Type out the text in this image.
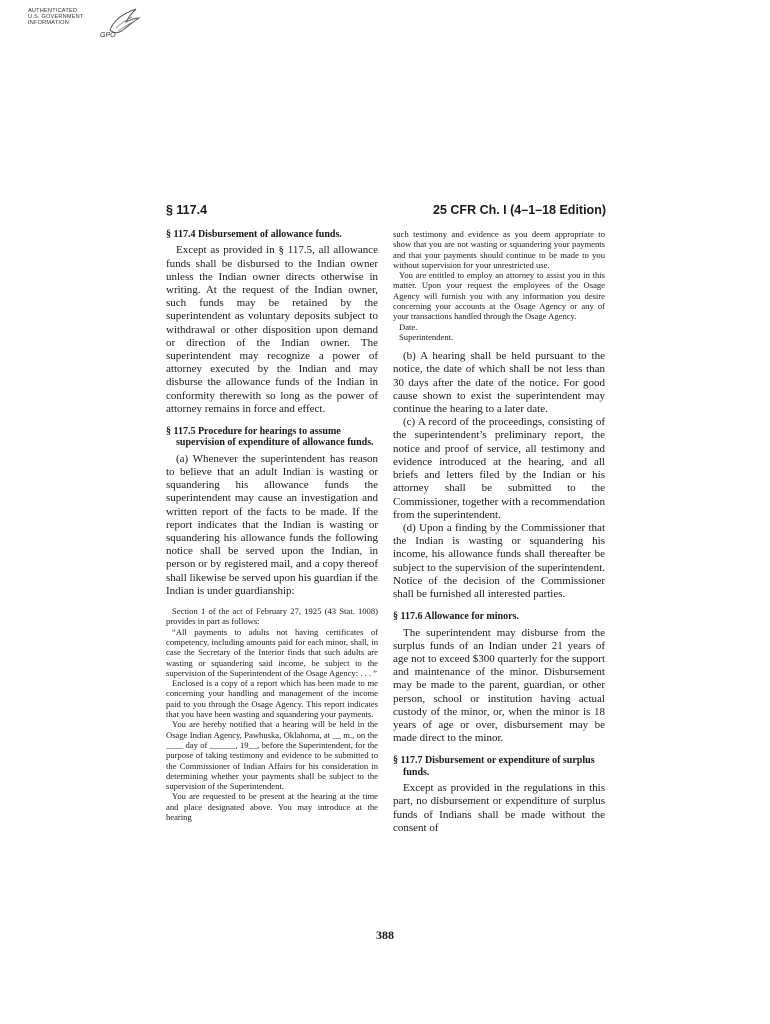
AUTHENTICATED
U.S. GOVERNMENT
INFORMATION
GPO
§ 117.4	25 CFR Ch. I (4–1–18 Edition)

§ 117.4 Disbursement of allowance funds.

Except as provided in § 117.5, all allowance funds shall be disbursed to the Indian owner unless the Indian owner directs otherwise in writing. At the request of the Indian owner, such funds may be retained by the superintendent as voluntary deposits subject to withdrawal or other disposition upon demand or direction of the Indian owner. The superintendent may recognize a power of attorney executed by the Indian and may disburse the allowance funds of the Indian in conformity therewith so long as the power of attorney remains in force and effect.

§ 117.5 Procedure for hearings to assume supervision of expenditure of allowance funds.

(a) Whenever the superintendent has reason to believe that an adult Indian is wasting or squandering his allowance funds the superintendent may cause an investigation and written report of the facts to be made. If the report indicates that the Indian is wasting or squandering his allowance funds the following notice shall be served upon the Indian, in person or by registered mail, and a copy thereof shall likewise be served upon his guardian if the Indian is under guardianship:

Section 1 of the act of February 27, 1925 (43 Stat. 1008) provides in part as follows:

“All payments to adults not having certificates of competency, including amounts paid for each minor, shall, in case the Secretary of the Interior finds that such adults are wasting or squandering said income, be subject to the supervision of the Superintendent of the Osage Agency: . . . ”

Enclosed is a copy of a report which has been made to me concerning your handling and management of the income paid to you through the Osage Agency. This report indicates that you have been wasting and squandering your payments.

You are hereby notified that a hearing will be held in the Osage Indian Agency, Pawhuska, Oklahoma, at __ m., on the ____ day of ______, 19__, before the Superintendent, for the purpose of taking testimony and evidence to be submitted to the Commissioner of Indian Affairs for his consideration in determining whether your payments shall be subject to the supervision of the Superintendent.

You are requested to be present at the hearing at the time and place designated above. You may introduce at the hearing

such testimony and evidence as you deem appropriate to show that you are not wasting or squandering your payments and that your payments should continue to be made to you without supervision for your unrestricted use.

You are entitled to employ an attorney to assist you in this matter. Upon your request the employees of the Osage Agency will furnish you with any information you desire concerning your accounts at the Osage Agency or any of your transactions handled through the Osage Agency.

Date.

Superintendent.

(b) A hearing shall be held pursuant to the notice, the date of which shall be not less than 30 days after the date of the notice. For good cause shown to exist the superintendent may continue the hearing to a later date.

(c) A record of the proceedings, consisting of the superintendent’s preliminary report, the notice and proof of service, all testimony and evidence introduced at the hearing, and all briefs and letters filed by the Indian or his attorney shall be submitted to the Commissioner, together with a recommendation from the superintendent.

(d) Upon a finding by the Commissioner that the Indian is wasting or squandering his income, his allowance funds shall thereafter be subject to the supervision of the superintendent. Notice of the decision of the Commissioner shall be furnished all interested parties.

§ 117.6 Allowance for minors.

The superintendent may disburse from the surplus funds of an Indian under 21 years of age not to exceed $300 quarterly for the support and maintenance of the minor. Disbursement may be made to the parent, guardian, or other person, school or institution having actual custody of the minor, or, when the minor is 18 years of age or over, disbursement may be made direct to the minor.

§ 117.7 Disbursement or expenditure of surplus funds.

Except as provided in the regulations in this part, no disbursement or expenditure of surplus funds of Indians shall be made without the consent of

388
